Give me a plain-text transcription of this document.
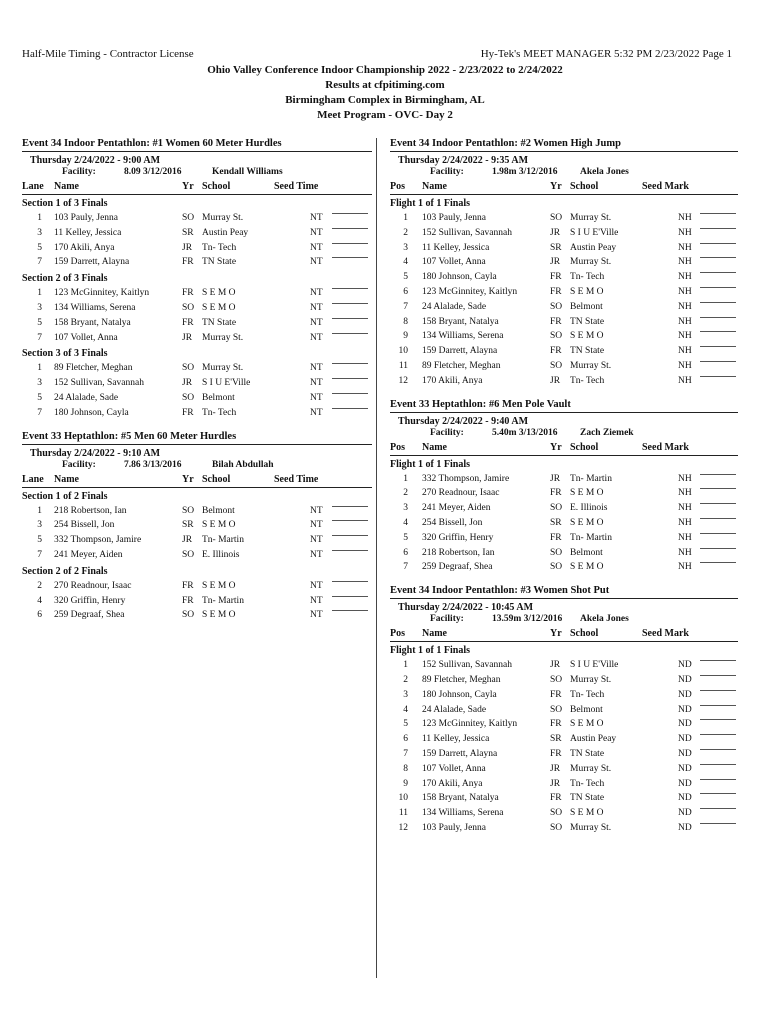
Half-Mile Timing - Contractor License	Hy-Tek's MEET MANAGER 5:32 PM 2/23/2022 Page 1
Ohio Valley Conference Indoor Championship 2022 - 2/23/2022 to 2/24/2022
Results at cfpitiming.com
Birmingham Complex in Birmingham, AL
Meet Program - OVC- Day 2
Event 34 Indoor Pentathlon: #1 Women 60 Meter Hurdles
Thursday 2/24/2022 - 9:00 AM
Facility:	8.09 3/12/2016	Kendall Williams
Lane Name	Yr School	Seed Time
Section 1 of 3 Finals
1 103 Pauly, Jenna	SO Murray St.	NT
3 11 Kelley, Jessica	SR Austin Peay	NT
5 170 Akili, Anya	JR Tn- Tech	NT
7 159 Darrett, Alayna	FR TN State	NT
Section 2 of 3 Finals
1 123 McGinnitey, Kaitlyn	FR S E M O	NT
3 134 Williams, Serena	SO S E M O	NT
5 158 Bryant, Natalya	FR TN State	NT
7 107 Vollet, Anna	JR Murray St.	NT
Section 3 of 3 Finals
1 89 Fletcher, Meghan	SO Murray St.	NT
3 152 Sullivan, Savannah	JR S I U E'Ville	NT
5 24 Alalade, Sade	SO Belmont	NT
7 180 Johnson, Cayla	FR Tn- Tech	NT
Event 33 Heptathlon: #5 Men 60 Meter Hurdles
Thursday 2/24/2022 - 9:10 AM
Facility:	7.86 3/13/2016	Bilah Abdullah
Lane Name	Yr School	Seed Time
Section 1 of 2 Finals
1 218 Robertson, Ian	SO Belmont	NT
3 254 Bissell, Jon	SR S E M O	NT
5 332 Thompson, Jamire	JR Tn- Martin	NT
7 241 Meyer, Aiden	SO E. Illinois	NT
Section 2 of 2 Finals
2 270 Readnour, Isaac	FR S E M O	NT
4 320 Griffin, Henry	FR Tn- Martin	NT
6 259 Degraaf, Shea	SO S E M O	NT
Event 34 Indoor Pentathlon: #2 Women High Jump
Thursday 2/24/2022 - 9:35 AM
Facility:	1.98m 3/12/2016 Akela Jones
Pos Name	Yr School	Seed Mark
Flight 1 of 1 Finals
1 103 Pauly, Jenna	SO Murray St.	NH
2 152 Sullivan, Savannah	JR S I U E'Ville	NH
3 11 Kelley, Jessica	SR Austin Peay	NH
4 107 Vollet, Anna	JR Murray St.	NH
5 180 Johnson, Cayla	FR Tn- Tech	NH
6 123 McGinnitey, Kaitlyn	FR S E M O	NH
7 24 Alalade, Sade	SO Belmont	NH
8 158 Bryant, Natalya	FR TN State	NH
9 134 Williams, Serena	SO S E M O	NH
10 159 Darrett, Alayna	FR TN State	NH
11 89 Fletcher, Meghan	SO Murray St.	NH
12 170 Akili, Anya	JR Tn- Tech	NH
Event 33 Heptathlon: #6 Men Pole Vault
Thursday 2/24/2022 - 9:40 AM
Facility:	5.40m 3/13/2016 Zach Ziemek
Pos Name	Yr School	Seed Mark
Flight 1 of 1 Finals
1 332 Thompson, Jamire	JR Tn- Martin	NH
2 270 Readnour, Isaac	FR S E M O	NH
3 241 Meyer, Aiden	SO E. Illinois	NH
4 254 Bissell, Jon	SR S E M O	NH
5 320 Griffin, Henry	FR Tn- Martin	NH
6 218 Robertson, Ian	SO Belmont	NH
7 259 Degraaf, Shea	SO S E M O	NH
Event 34 Indoor Pentathlon: #3 Women Shot Put
Thursday 2/24/2022 - 10:45 AM
Facility:	13.59m 3/12/2016 Akela Jones
Pos Name	Yr School	Seed Mark
Flight 1 of 1 Finals
1 152 Sullivan, Savannah	JR S I U E'Ville	ND
2 89 Fletcher, Meghan	SO Murray St.	ND
3 180 Johnson, Cayla	FR Tn- Tech	ND
4 24 Alalade, Sade	SO Belmont	ND
5 123 McGinnitey, Kaitlyn	FR S E M O	ND
6 11 Kelley, Jessica	SR Austin Peay	ND
7 159 Darrett, Alayna	FR TN State	ND
8 107 Vollet, Anna	JR Murray St.	ND
9 170 Akili, Anya	JR Tn- Tech	ND
10 158 Bryant, Natalya	FR TN State	ND
11 134 Williams, Serena	SO S E M O	ND
12 103 Pauly, Jenna	SO Murray St.	ND
